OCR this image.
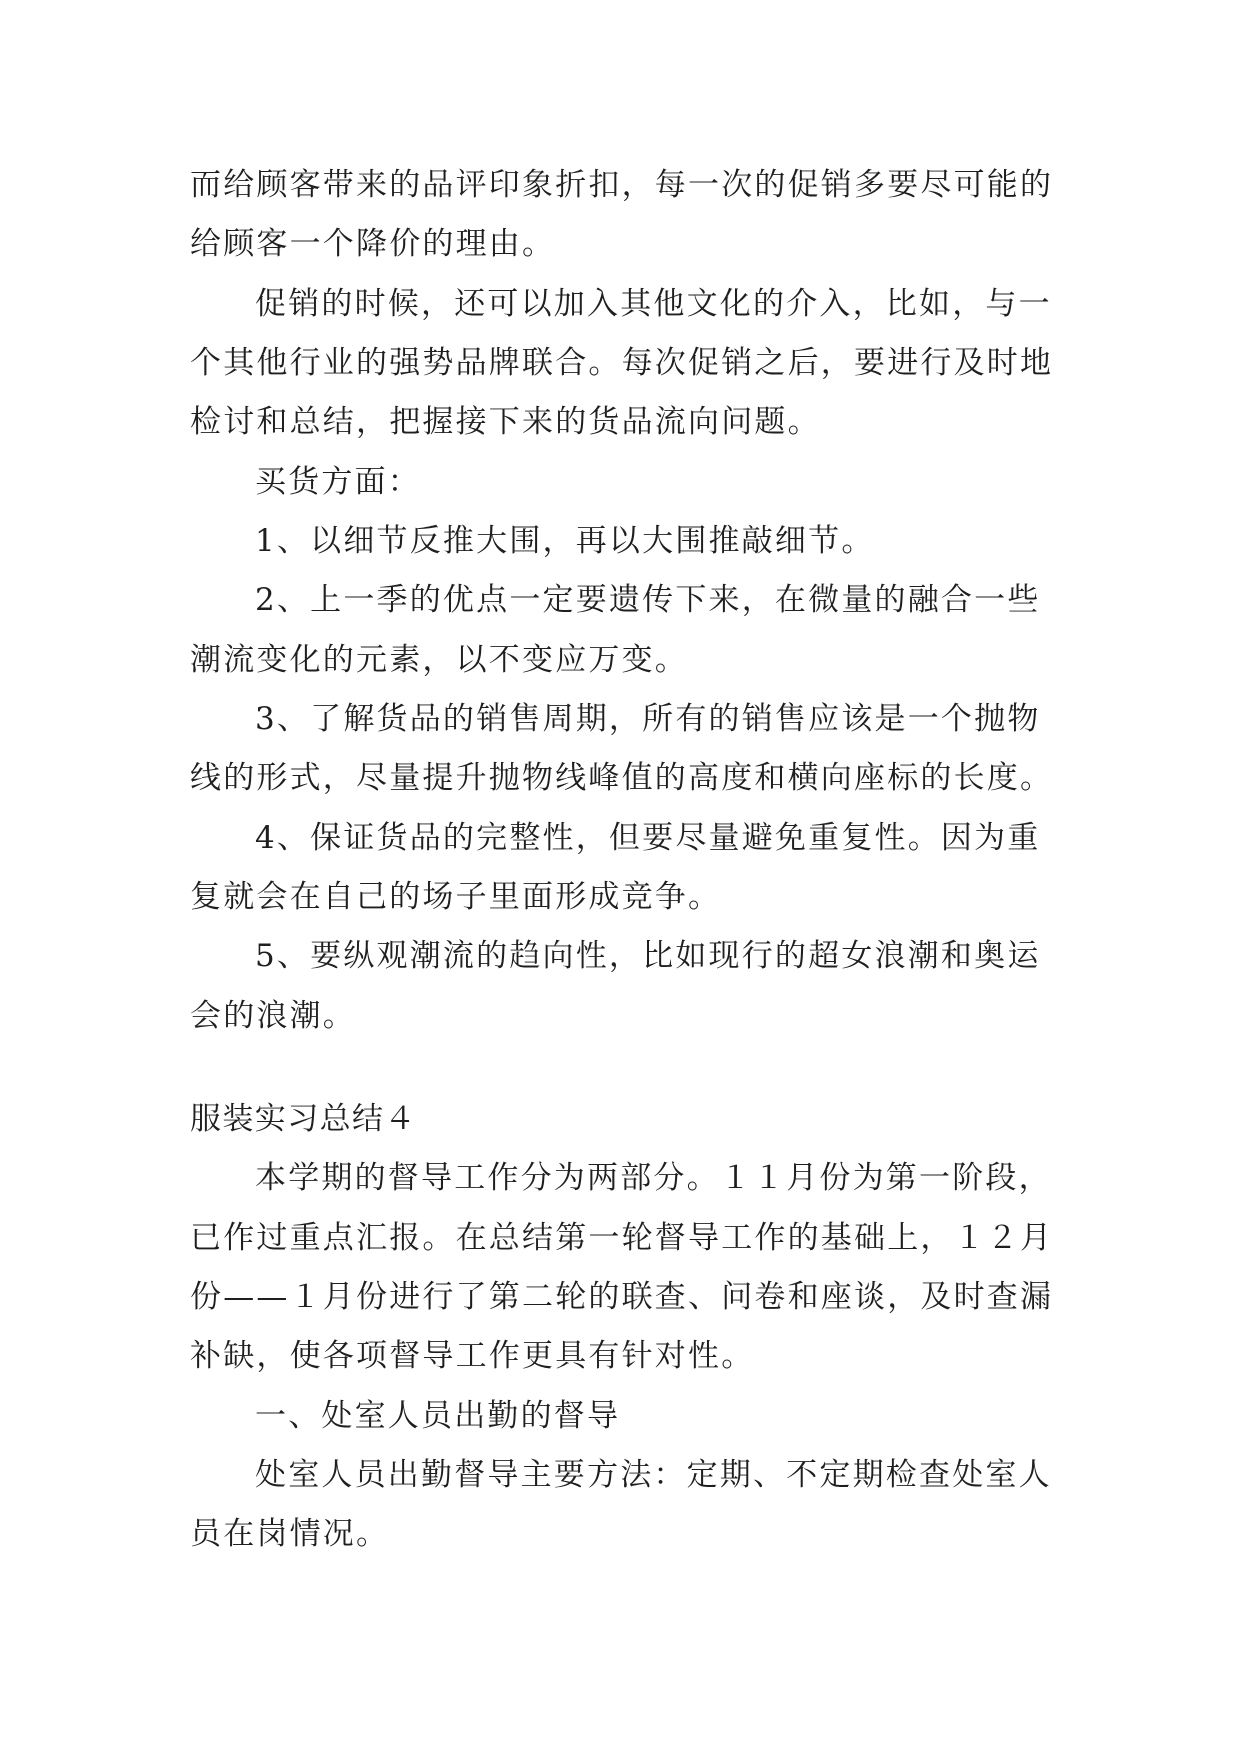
而给顾客带来的品评印象折扣，每一次的促销多要尽可能的
给顾客一个降价的理由。
促销的时候，还可以加入其他文化的介入，比如，与一
个其他行业的强势品牌联合。每次促销之后，要进行及时地
检讨和总结，把握接下来的货品流向问题。
买货方面：
1、以细节反推大围，再以大围推敲细节。
2、上一季的优点一定要遗传下来，在微量的融合一些
潮流变化的元素，以不变应万变。
3、了解货品的销售周期，所有的销售应该是一个抛物
线的形式，尽量提升抛物线峰值的高度和横向座标的长度。
4、保证货品的完整性，但要尽量避免重复性。因为重
复就会在自己的场子里面形成竞争。
5、要纵观潮流的趋向性，比如现行的超女浪潮和奥运
会的浪潮。
服装实习总结４
本学期的督导工作分为两部分。１１月份为第一阶段，
已作过重点汇报。在总结第一轮督导工作的基础上，１２月
份——１月份进行了第二轮的联查、问卷和座谈，及时查漏
补缺，使各项督导工作更具有针对性。
一、处室人员出勤的督导
处室人员出勤督导主要方法：定期、不定期检查处室人
员在岗情况。
